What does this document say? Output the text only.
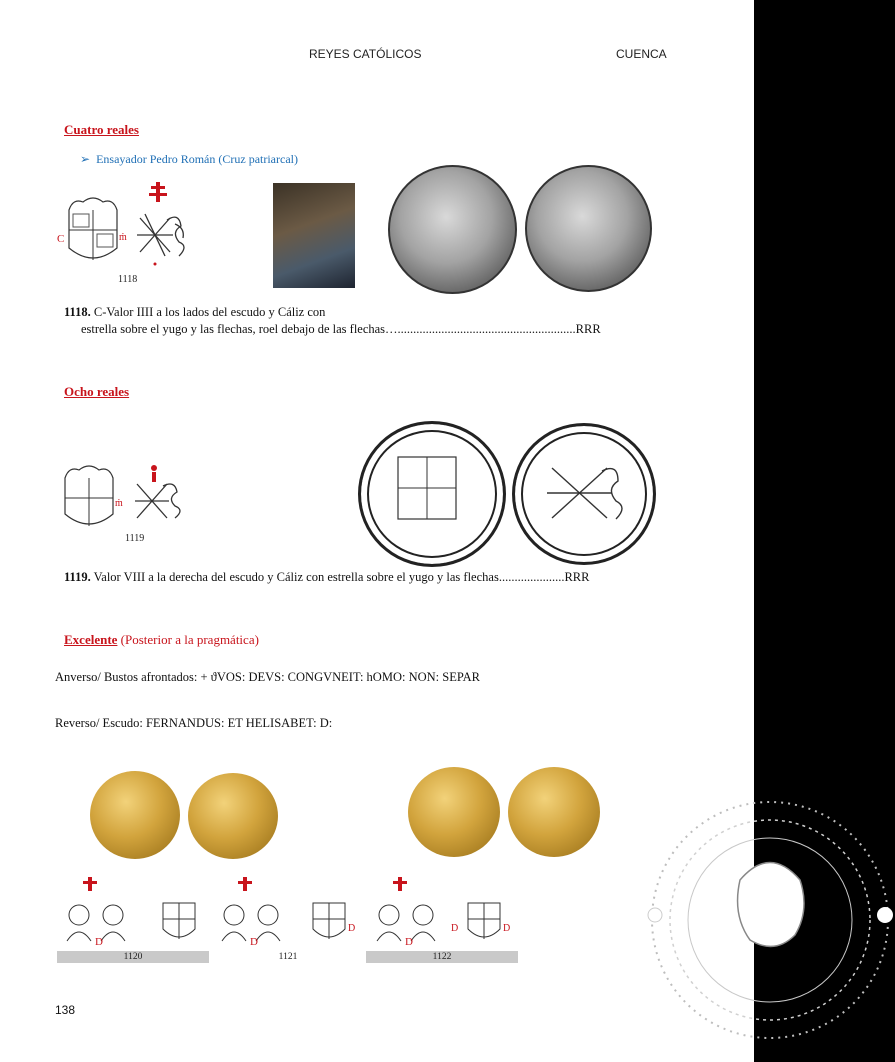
REYES CATÓLICOS	CUENCA
Cuatro reales
➢ Ensayador Pedro Román (Cruz patriarcal)
C	ṁ
1118
1118. C-Valor IIII a los lados del escudo y Cáliz con
estrella sobre el yugo y las flechas, roel debajo de las flechas….........................................................RRR
Ocho reales
ṁ
1119
1119. Valor VIII a la derecha del escudo y Cáliz con estrella sobre el yugo y las flechas.....................RRR
Excelente (Posterior a la pragmática)
Anverso/ Bustos afrontados: + ϑVOS: DEVS: CONGVNEIT: hOMO: NON: SEPAR
Reverso/ Escudo: FERNANDUS: ET HELISABET: D:
D	D
D
D
D	D
1120	1121	1122
138
